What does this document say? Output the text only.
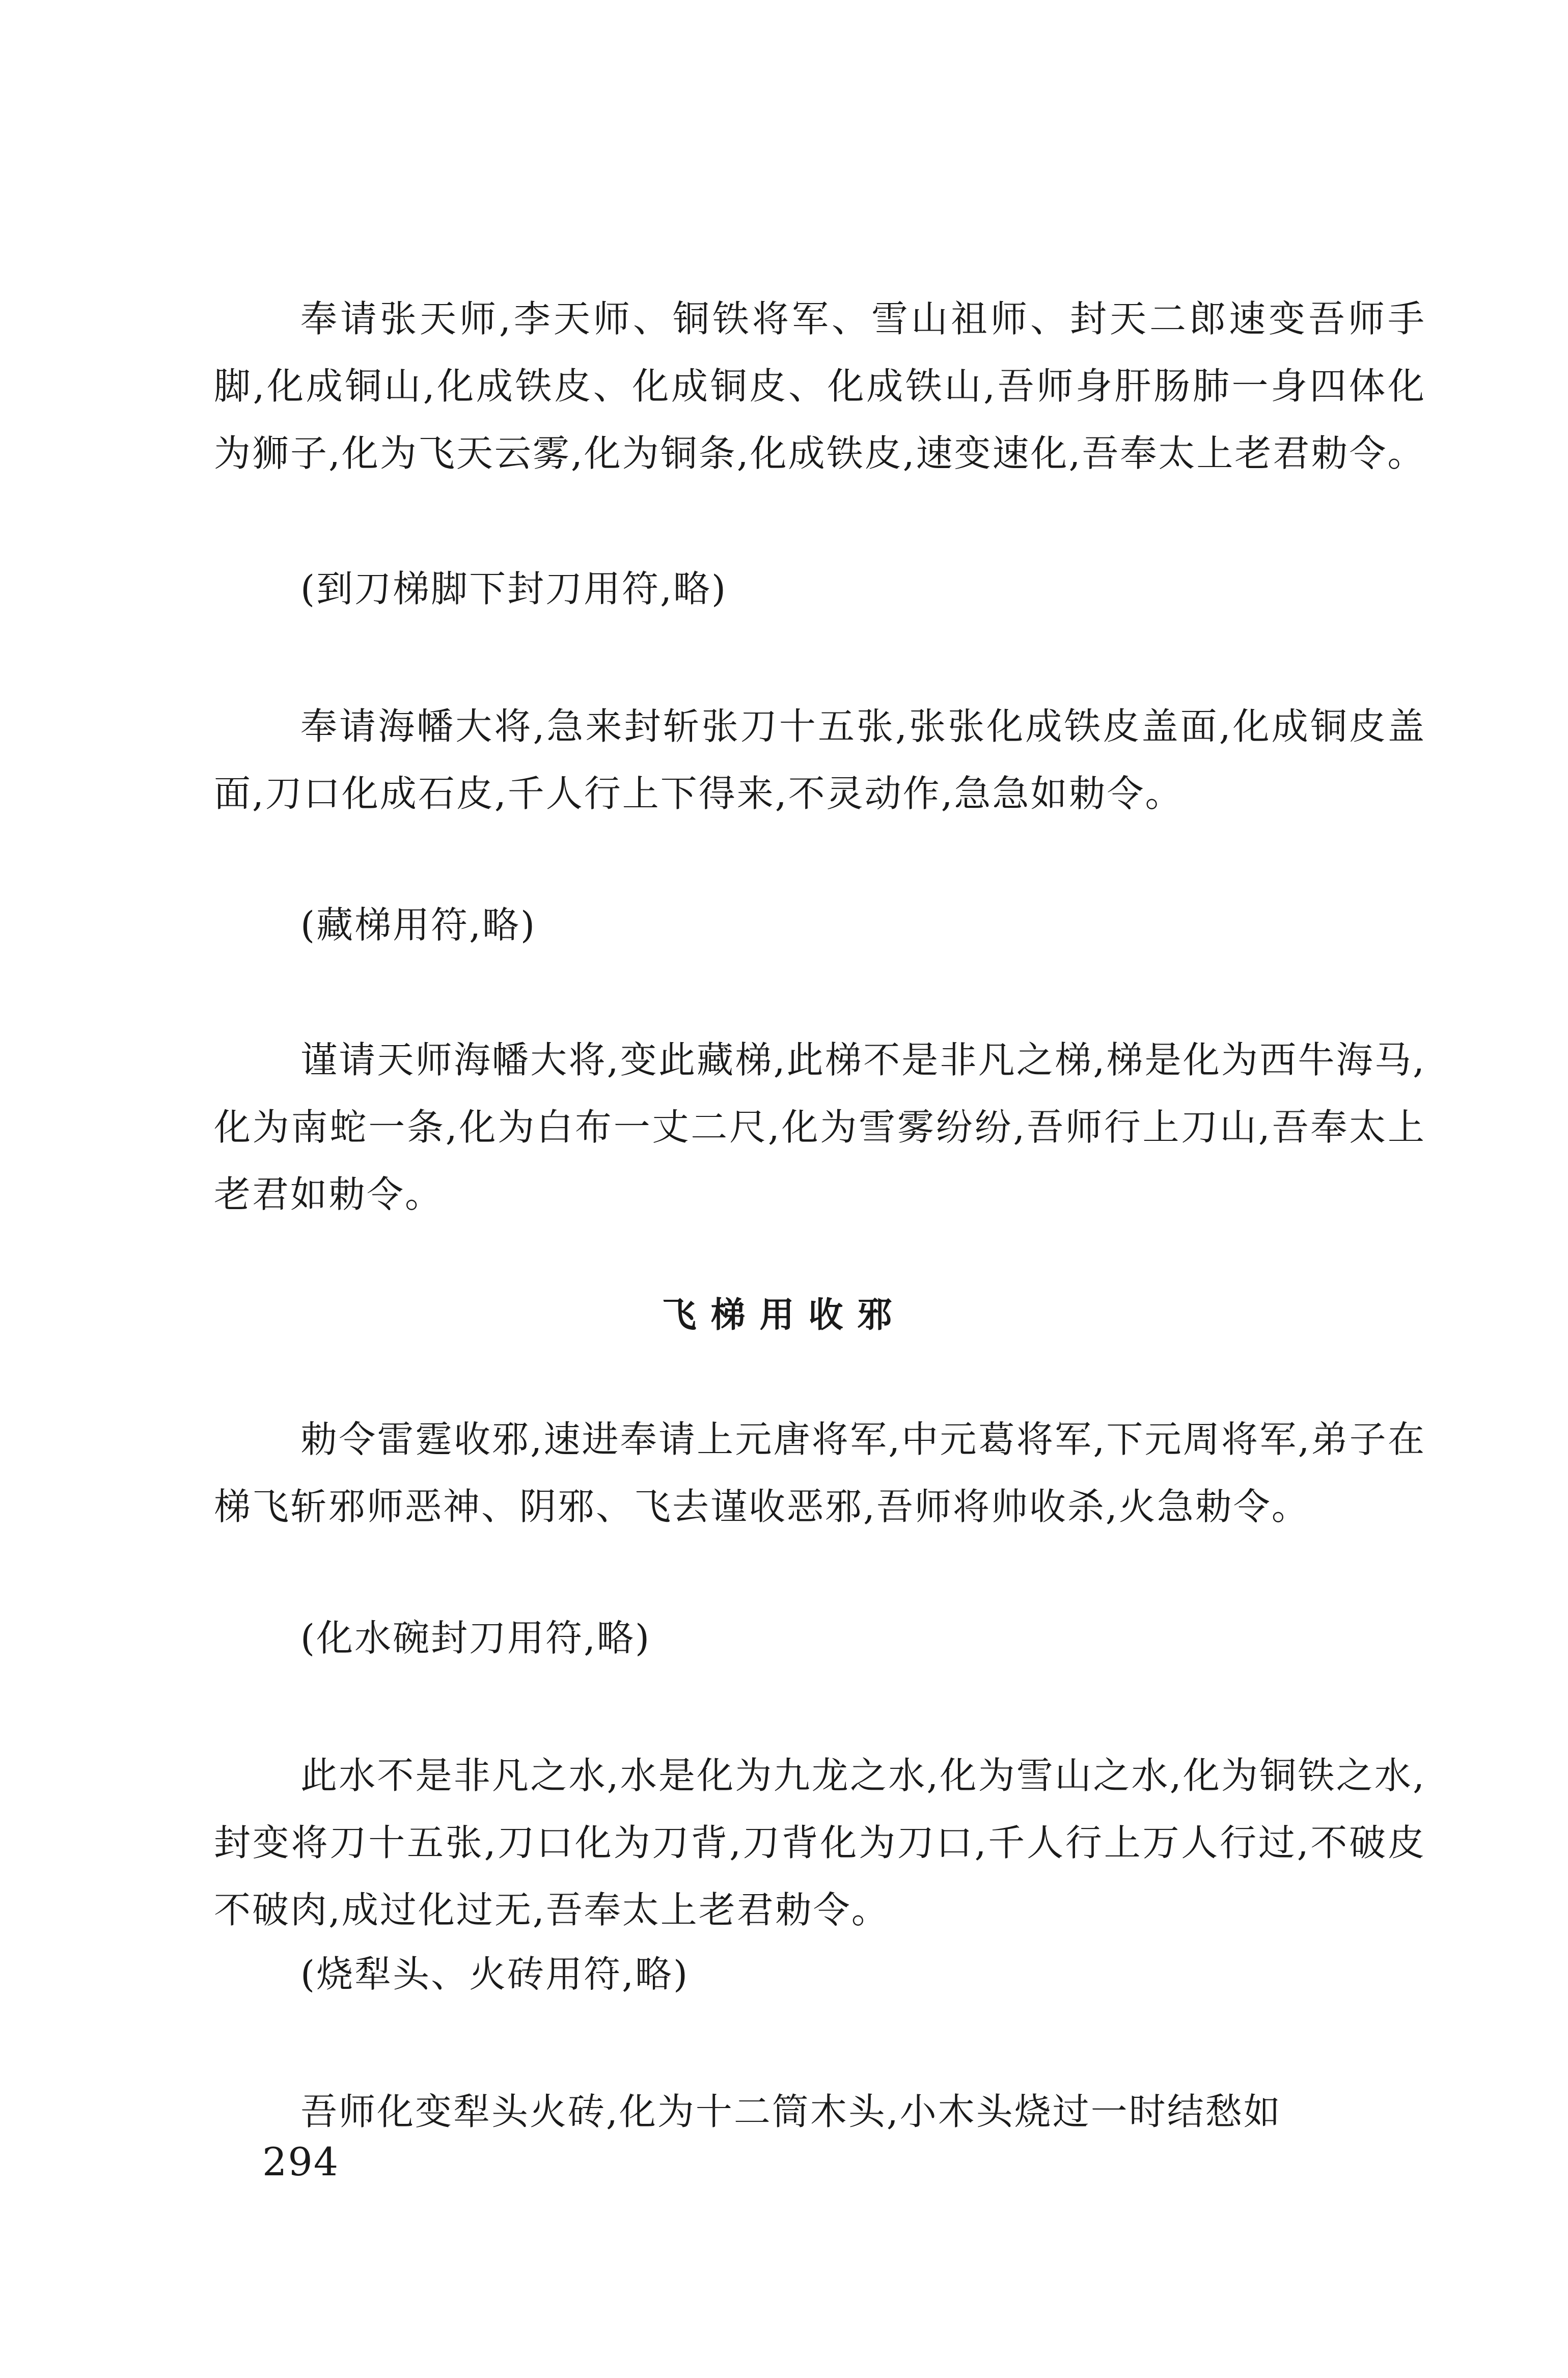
奉请张天师,李天师、铜铁将军、雪山祖师、封天二郎速变吾师手脚,化成铜山,化成铁皮、化成铜皮、化成铁山,吾师身肝肠肺一身四体化为狮子,化为飞天云雾,化为铜条,化成铁皮,速变速化,吾奉太上老君勅令。

(到刀梯脚下封刀用符,略)

奉请海幡大将,急来封斩张刀十五张,张张化成铁皮盖面,化成铜皮盖面,刀口化成石皮,千人行上下得来,不灵动作,急急如勅令。

(藏梯用符,略)

谨请天师海幡大将,变此藏梯,此梯不是非凡之梯,梯是化为西牛海马,化为南蛇一条,化为白布一丈二尺,化为雪雾纷纷,吾师行上刀山,吾奉太上老君如勅令。

飞梯用收邪

勅令雷霆收邪,速进奉请上元唐将军,中元葛将军,下元周将军,弟子在梯飞斩邪师恶神、阴邪、飞去谨收恶邪,吾师将帅收杀,火急勅令。

(化水碗封刀用符,略)

此水不是非凡之水,水是化为九龙之水,化为雪山之水,化为铜铁之水,封变将刀十五张,刀口化为刀背,刀背化为刀口,千人行上万人行过,不破皮不破肉,成过化过无,吾奉太上老君勅令。

(烧犁头、火砖用符,略)

吾师化变犁头火砖,化为十二筒木头,小木头烧过一时结愁如

294
